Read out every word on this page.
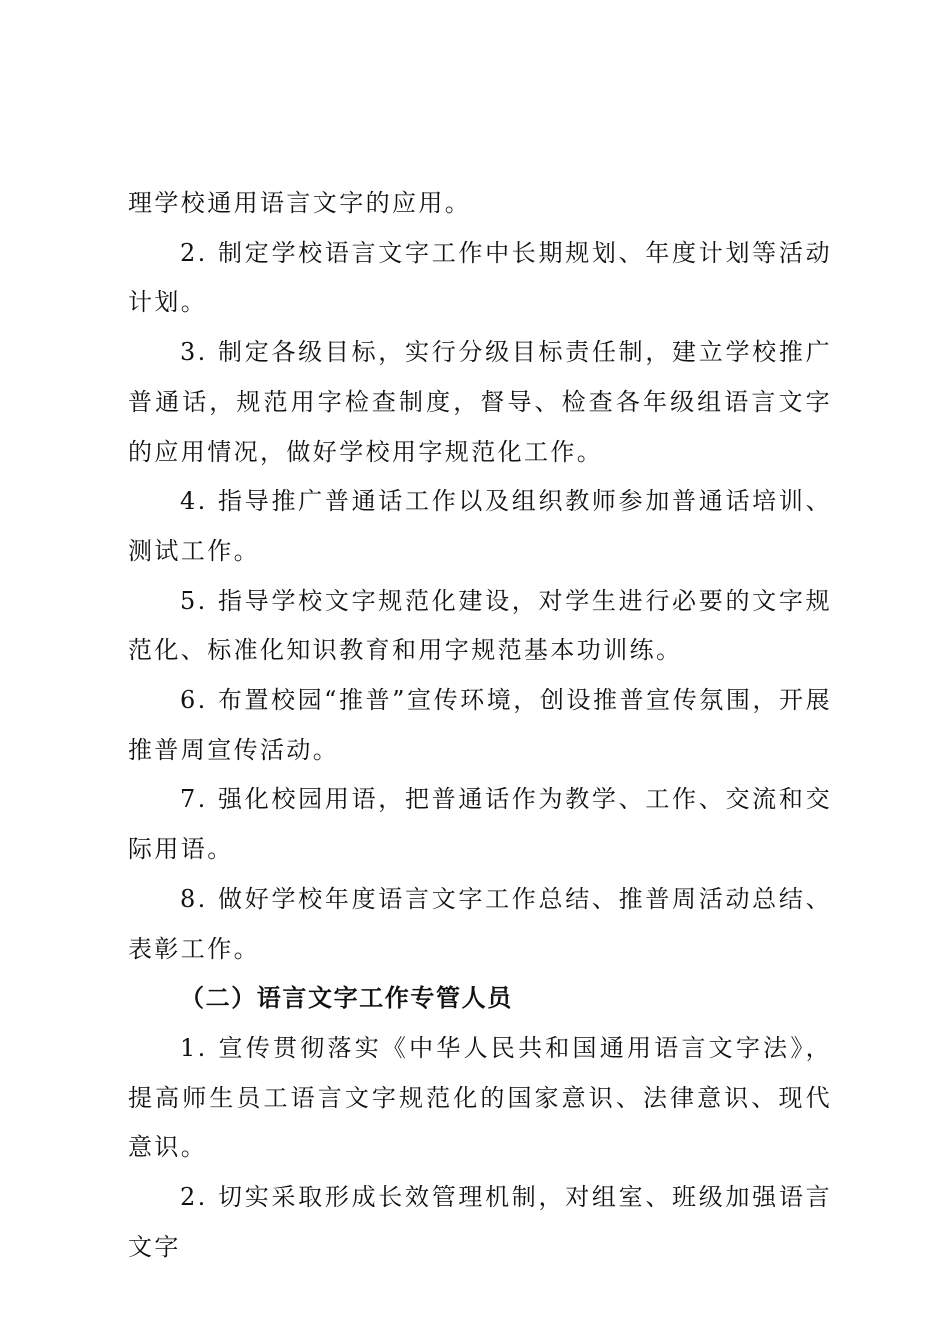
理学校通用语言文字的应用。

2. 制定学校语言文字工作中长期规划、年度计划等活动计划。

3. 制定各级目标，实行分级目标责任制，建立学校推广普通话，规范用字检查制度，督导、检查各年级组语言文字的应用情况，做好学校用字规范化工作。

4. 指导推广普通话工作以及组织教师参加普通话培训、测试工作。

5. 指导学校文字规范化建设，对学生进行必要的文字规范化、标准化知识教育和用字规范基本功训练。

6. 布置校园“推普”宣传环境，创设推普宣传氛围，开展推普周宣传活动。

7. 强化校园用语，把普通话作为教学、工作、交流和交际用语。

8. 做好学校年度语言文字工作总结、推普周活动总结、表彰工作。

（二）语言文字工作专管人员

1. 宣传贯彻落实《中华人民共和国通用语言文字法》，提高师生员工语言文字规范化的国家意识、法律意识、现代意识。

2. 切实采取形成长效管理机制，对组室、班级加强语言文字
